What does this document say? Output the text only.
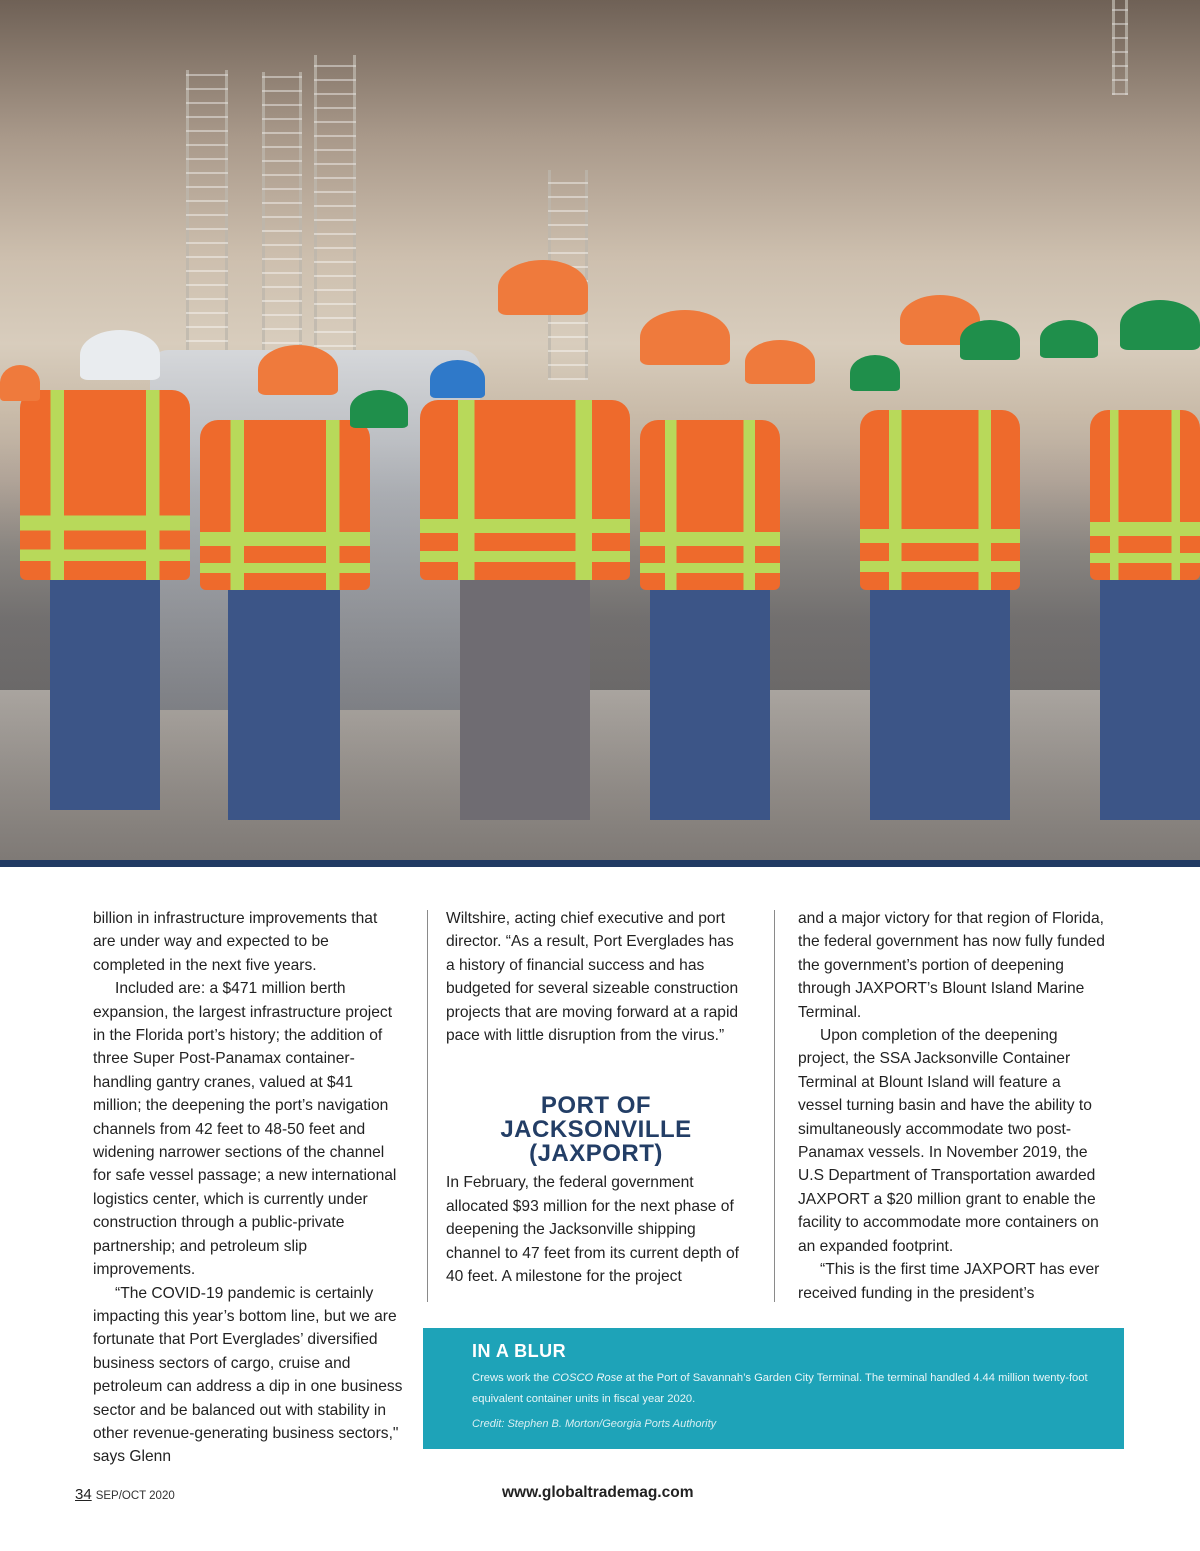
billion in infrastructure improvements that are under way and expected to be completed in the next five years.

Included are: a $471 million berth expansion, the largest infrastructure project in the Florida port’s history; the addition of three Super Post-Panamax container-handling gantry cranes, valued at $41 million; the deepening the port’s navigation channels from 42 feet to 48-50 feet and widening narrower sections of the channel for safe vessel passage; a new international logistics center, which is currently under construction through a public-private partnership; and petroleum slip improvements.

“The COVID-19 pandemic is certainly impacting this year’s bottom line, but we are fortunate that Port Everglades’ diversified business sectors of cargo, cruise and petroleum can address a dip in one business sector and be balanced out with stability in other revenue-generating business sectors," says Glenn

Wiltshire, acting chief executive and port director. “As a result, Port Everglades has a history of financial success and has budgeted for several sizeable construction projects that are moving forward at a rapid pace with little disruption from the virus.”

PORT OF JACKSONVILLE (JAXPORT)

In February, the federal government allocated $93 million for the next phase of deepening the Jacksonville shipping channel to 47 feet from its current depth of 40 feet. A milestone for the project

and a major victory for that region of Florida, the federal government has now fully funded the government’s portion of deepening through JAXPORT’s Blount Island Marine Terminal.

Upon completion of the deepening project, the SSA Jacksonville Container Terminal at Blount Island will feature a vessel turning basin and have the ability to simultaneously accommodate two post-Panamax vessels. In November 2019, the U.S Department of Transportation awarded JAXPORT a $20 million grant to enable the facility to accommodate more containers on an expanded footprint.

“This is the first time JAXPORT has ever received funding in the president’s

IN A BLUR
Crews work the COSCO Rose at the Port of Savannah’s Garden City Terminal. The terminal handled 4.44 million twenty-foot equivalent container units in fiscal year 2020.
Credit: Stephen B. Morton/Georgia Ports Authority
34 SEP/OCT 2020	www.globaltrademag.com
